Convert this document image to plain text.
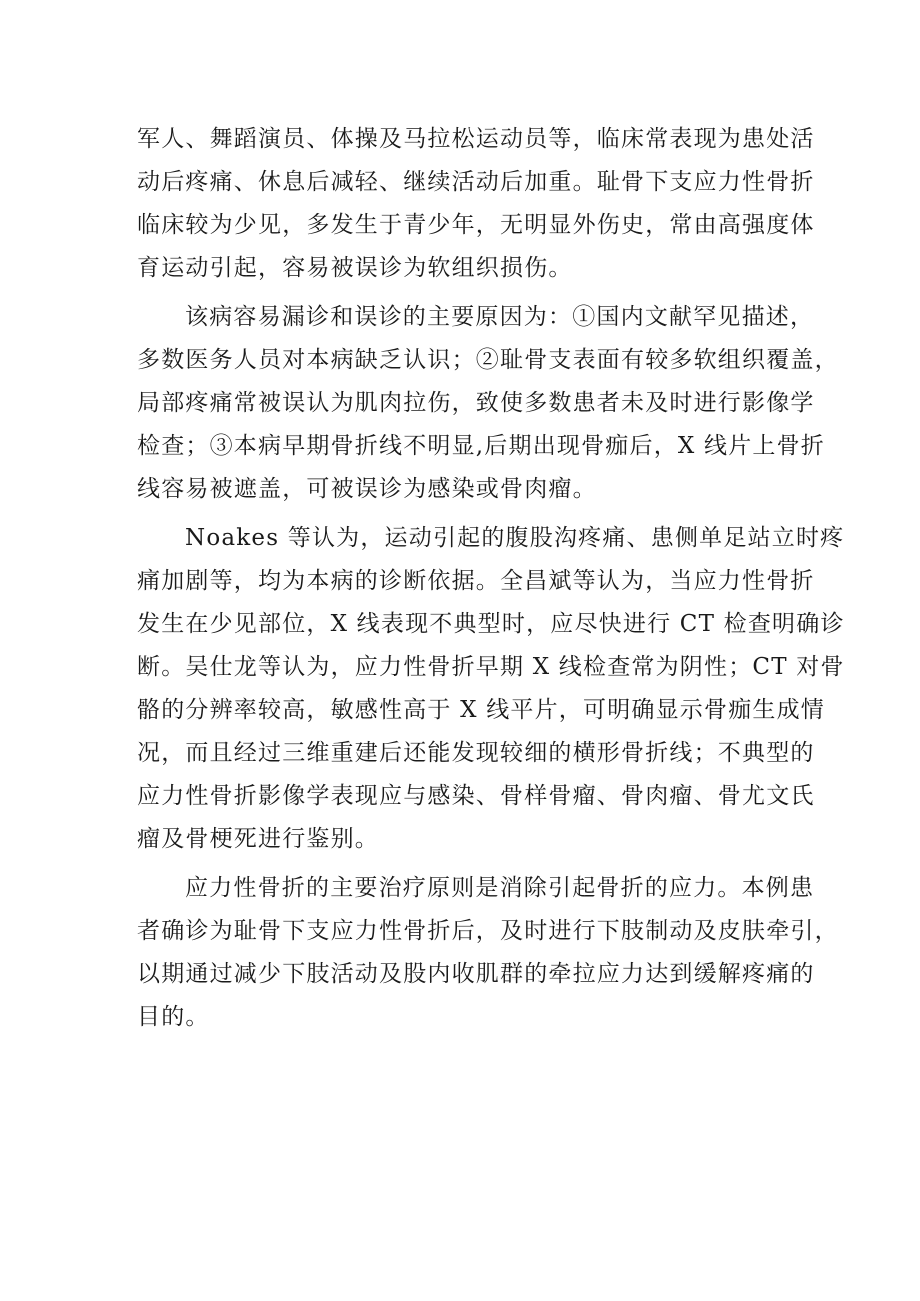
军人、舞蹈演员、体操及马拉松运动员等，临床常表现为患处活
动后疼痛、休息后减轻、继续活动后加重。耻骨下支应力性骨折
临床较为少见，多发生于青少年，无明显外伤史，常由高强度体
育运动引起，容易被误诊为软组织损伤。
该病容易漏诊和误诊的主要原因为：①国内文献罕见描述，
多数医务人员对本病缺乏认识；②耻骨支表面有较多软组织覆盖，
局部疼痛常被误认为肌肉拉伤，致使多数患者未及时进行影像学
检查；③本病早期骨折线不明显,后期出现骨痂后，X 线片上骨折
线容易被遮盖，可被误诊为感染或骨肉瘤。
Noakes 等认为，运动引起的腹股沟疼痛、患侧单足站立时疼
痛加剧等，均为本病的诊断依据。全昌斌等认为，当应力性骨折
发生在少见部位，X 线表现不典型时，应尽快进行 CT 检查明确诊
断。吴仕龙等认为，应力性骨折早期 X 线检查常为阴性；CT 对骨
骼的分辨率较高，敏感性高于 X 线平片，可明确显示骨痂生成情
况，而且经过三维重建后还能发现较细的横形骨折线；不典型的
应力性骨折影像学表现应与感染、骨样骨瘤、骨肉瘤、骨尤文氏
瘤及骨梗死进行鉴别。
应力性骨折的主要治疗原则是消除引起骨折的应力。本例患
者确诊为耻骨下支应力性骨折后，及时进行下肢制动及皮肤牵引，
以期通过减少下肢活动及股内收肌群的牵拉应力达到缓解疼痛的
目的。
